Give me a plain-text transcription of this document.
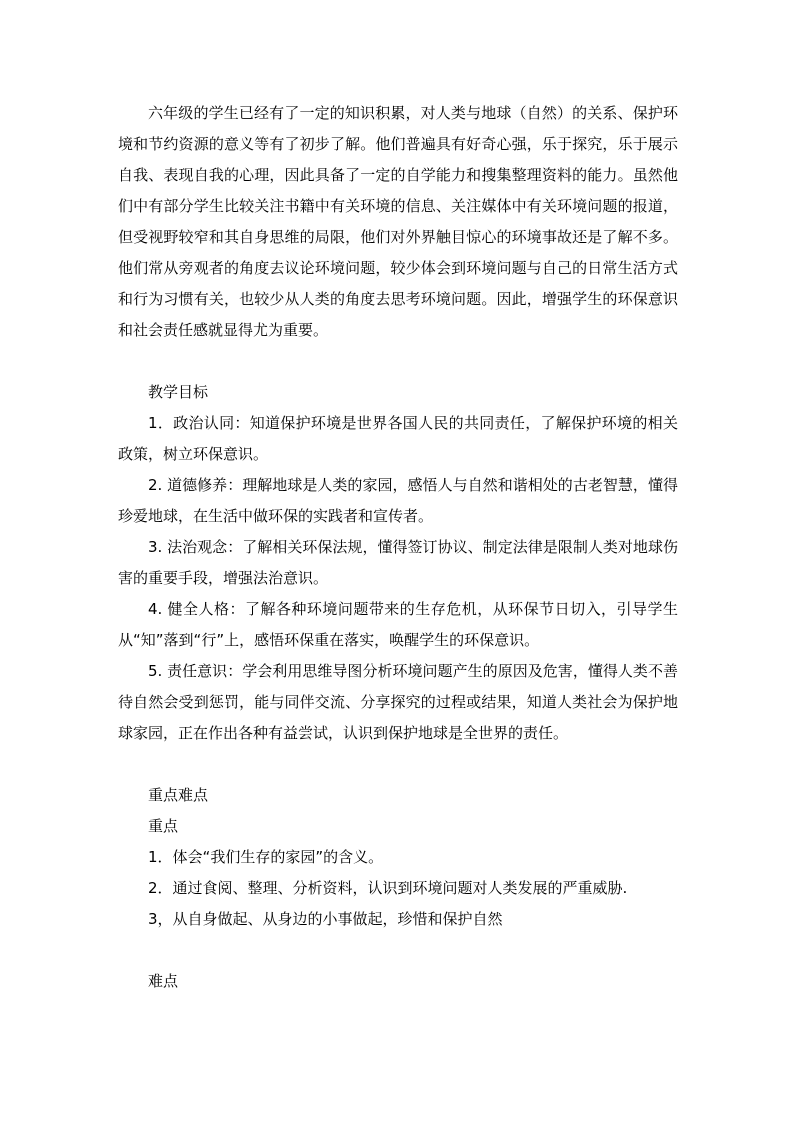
六年级的学生已经有了一定的知识积累，对人类与地球（自然）的关系、保护环境和节约资源的意义等有了初步了解。他们普遍具有好奇心强，乐于探究，乐于展示自我、表现自我的心理，因此具备了一定的自学能力和搜集整理资料的能力。虽然他们中有部分学生比较关注书籍中有关环境的信息、关注媒体中有关环境问题的报道，但受视野较窄和其自身思维的局限，他们对外界触目惊心的环境事故还是了解不多。他们常从旁观者的角度去议论环境问题，较少体会到环境问题与自己的日常生活方式和行为习惯有关，也较少从人类的角度去思考环境问题。因此，增强学生的环保意识和社会责任感就显得尤为重要。

教学目标

1．政治认同：知道保护环境是世界各国人民的共同责任，了解保护环境的相关政策，树立环保意识。

2. 道德修养：理解地球是人类的家园，感悟人与自然和谐相处的古老智慧，懂得珍爱地球，在生活中做环保的实践者和宣传者。

3. 法治观念：了解相关环保法规，懂得签订协议、制定法律是限制人类对地球伤害的重要手段，增强法治意识。

4. 健全人格：了解各种环境问题带来的生存危机，从环保节日切入，引导学生从“知”落到“行”上，感悟环保重在落实，唤醒学生的环保意识。

5. 责任意识：学会利用思维导图分析环境问题产生的原因及危害，懂得人类不善待自然会受到惩罚，能与同伴交流、分享探究的过程或结果，知道人类社会为保护地球家园，正在作出各种有益尝试，认识到保护地球是全世界的责任。

重点难点

重点

1．体会“我们生存的家园”的含义。

2．通过食阅、整理、分析资料，认识到环境问题对人类发展的严重威胁.

3，从自身做起、从身边的小事做起，珍惜和保护自然

难点
